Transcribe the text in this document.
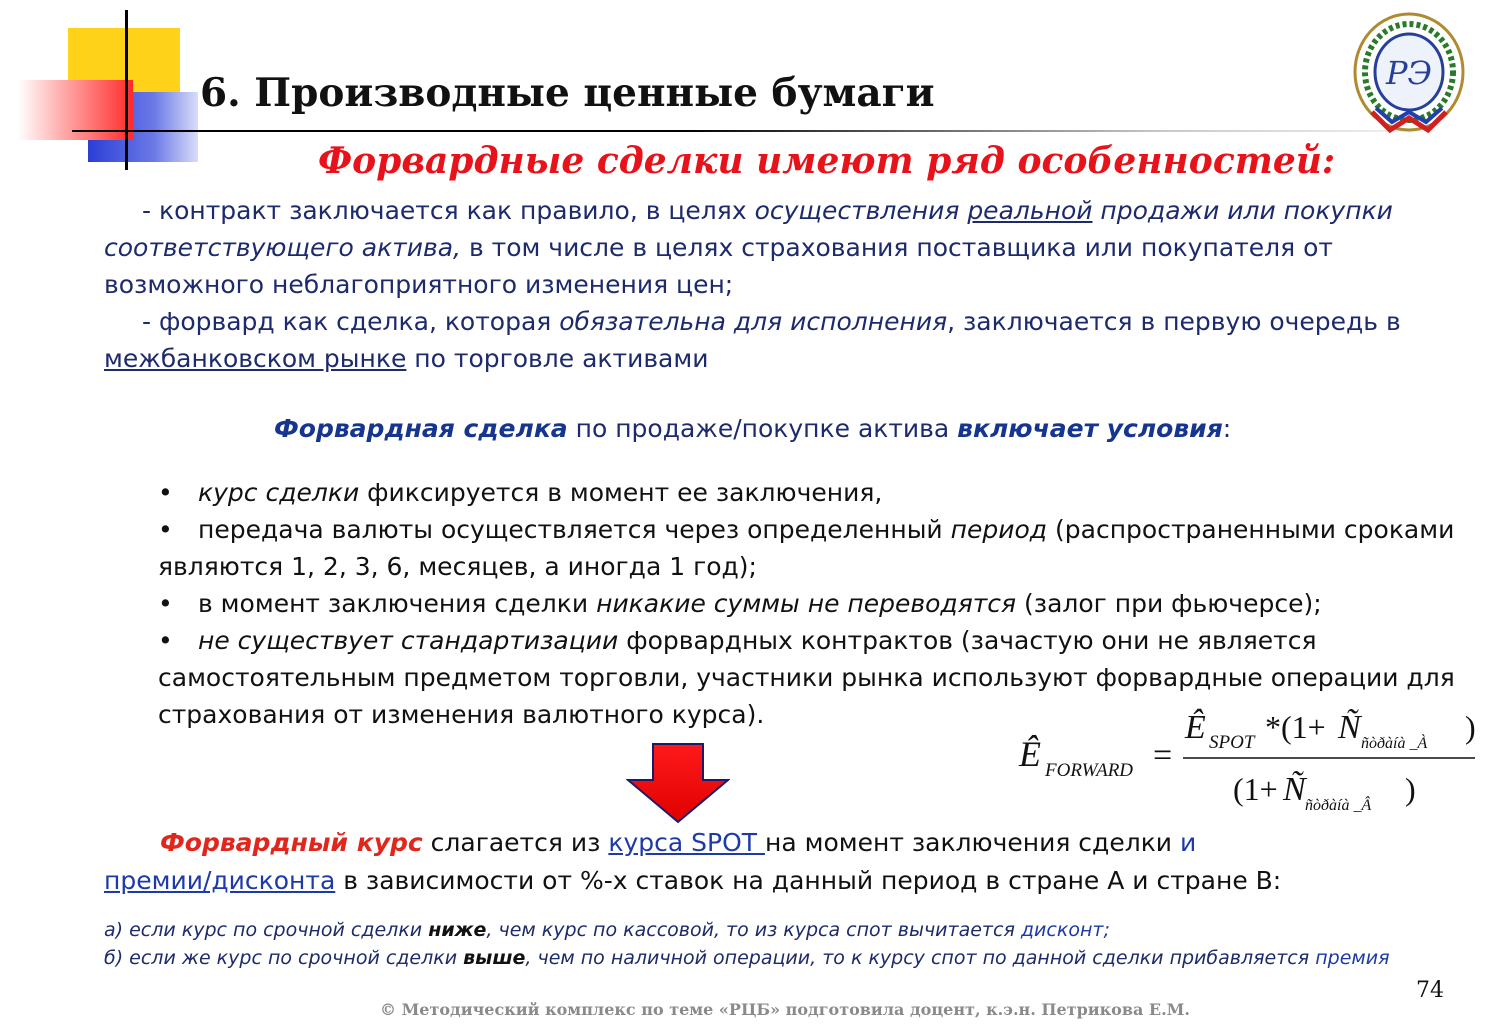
РЭ
6. Производные ценные бумаги
Форвардные сделки имеют ряд особенностей:
- контракт заключается как правило, в целях осуществления реальной продажи или покупки соответствующего актива, в том числе в целях страхования поставщика или покупателя от возможного неблагоприятного изменения цен;
- форвард как сделка, которая обязательна для исполнения, заключается в первую очередь в межбанковском рынке по торговле активами
Форвардная сделка по продаже/покупке актива включает условия:
• курс сделки фиксируется в момент ее заключения,
• передача валюты осуществляется через определенный период (распространенными сроками являются 1, 2, 3, 6, месяцев, а иногда 1 год);
• в момент заключения сделки никакие суммы не переводятся (залог при фьючерсе);
• не существует стандартизации форвардных контрактов (зачастую они не является самостоятельным предметом торговли, участники рынка используют форвардные операции для страхования от изменения валютного курса).
Ê FORWARD =
Ê SPOT *(1+ Ñ ñòðàíà _À )
(1+ Ñ ñòðàíà _Â )
Форвардный курс слагается из курса SPOT на момент заключения сделки и
премии/дисконта в зависимости от %-х ставок на данный период в стране А и стране В:
а) если курс по срочной сделки ниже, чем курс по кассовой, то из курса спот вычитается дисконт;
б) если же курс по срочной сделки выше, чем по наличной операции, то к курсу спот по данной сделки прибавляется премия
74
© Методический комплекс по теме «РЦБ» подготовила доцент, к.э.н. Петрикова Е.М.
